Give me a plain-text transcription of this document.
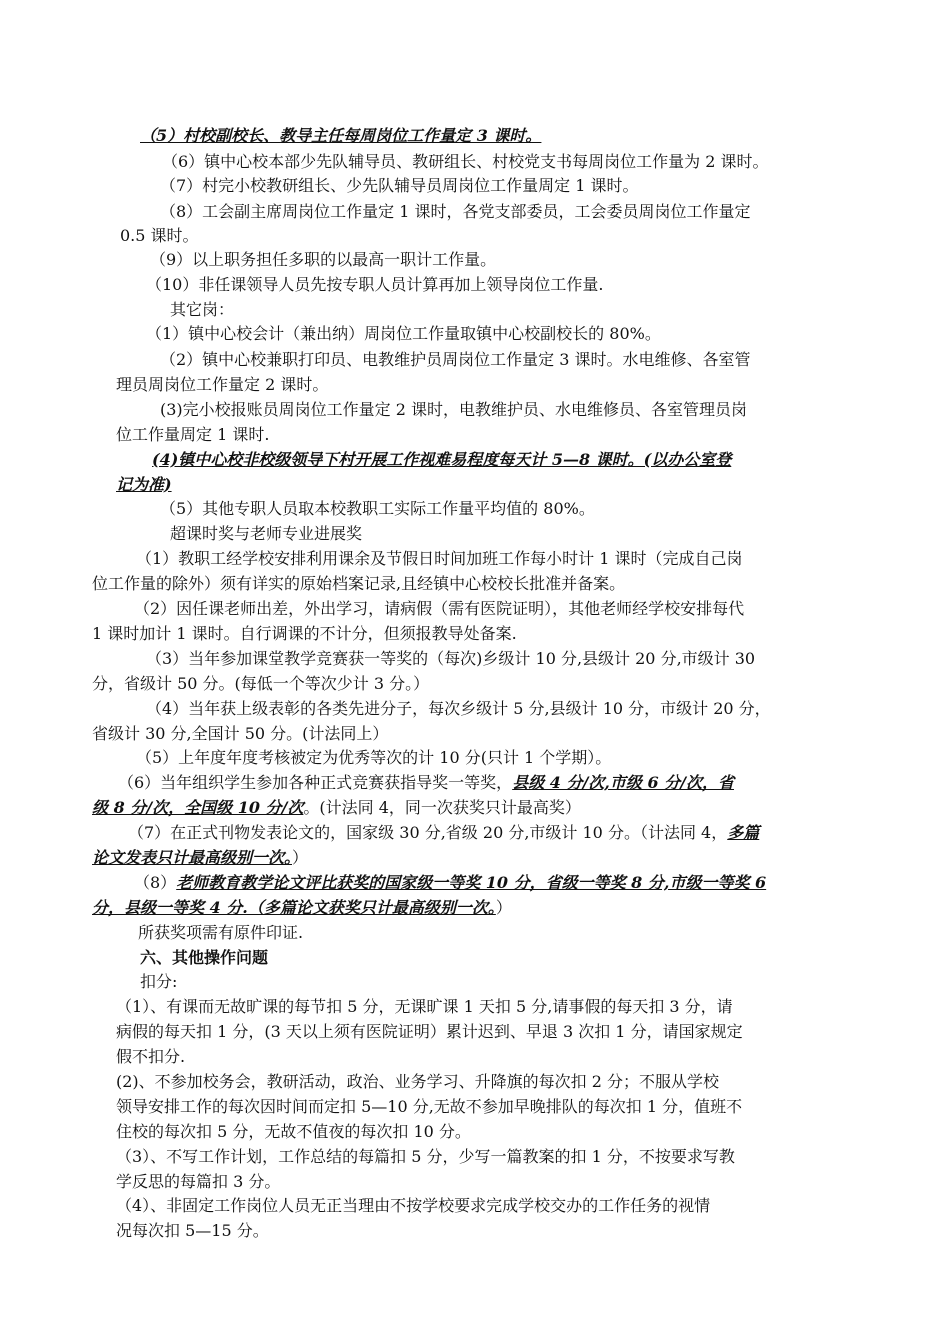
（5）村校副校长、教导主任每周岗位工作量定 3 课时。
（6）镇中心校本部少先队辅导员、教研组长、村校党支书每周岗位工作量为 2 课时。
（7）村完小校教研组长、少先队辅导员周岗位工作量周定 1 课时。
（8）工会副主席周岗位工作量定 1 课时，各党支部委员，工会委员周岗位工作量定
0.5 课时。
（9）以上职务担任多职的以最高一职计工作量。
（10）非任课领导人员先按专职人员计算再加上领导岗位工作量.
其它岗：
（1）镇中心校会计（兼出纳）周岗位工作量取镇中心校副校长的 80%。
（2）镇中心校兼职打印员、电教维护员周岗位工作量定 3 课时。水电维修、各室管
理员周岗位工作量定 2 课时。
(3)完小校报账员周岗位工作量定 2 课时，电教维护员、水电维修员、各室管理员岗
位工作量周定 1 课时.
(4)镇中心校非校级领导下村开展工作视难易程度每天计 5—8 课时。(以办公室登
记为准)
（5）其他专职人员取本校教职工实际工作量平均值的 80%。
超课时奖与老师专业进展奖
（1）教职工经学校安排利用课余及节假日时间加班工作每小时计 1 课时（完成自己岗
位工作量的除外）须有详实的原始档案记录,且经镇中心校校长批准并备案。
（2）因任课老师出差，外出学习，请病假（需有医院证明），其他老师经学校安排每代
1 课时加计 1 课时。自行调课的不计分，但须报教导处备案.
（3）当年参加课堂教学竞赛获一等奖的（每次)乡级计 10 分,县级计 20 分,市级计 30
分，省级计 50 分。(每低一个等次少计 3 分。）
（4）当年获上级表彰的各类先进分子，每次乡级计 5 分,县级计 10 分，市级计 20 分，
省级计 30 分,全国计 50 分。(计法同上）
（5）上年度年度考核被定为优秀等次的计 10 分(只计 1 个学期）。
（6）当年组织学生参加各种正式竞赛获指导奖一等奖，县级 4 分/次,市级 6 分/次，省
级 8 分/次，全国级 10 分/次。(计法同 4，同一次获奖只计最高奖）
（7）在正式刊物发表论文的，国家级 30 分,省级 20 分,市级计 10 分。（计法同 4，多篇
论文发表只计最高级别一次。）
（8）老师教育教学论文评比获奖的国家级一等奖 10 分，省级一等奖 8 分,市级一等奖 6
分，县级一等奖 4 分.（多篇论文获奖只计最高级别一次。）
所获奖项需有原件印证.
六、其他操作问题
扣分:
（1）、有课而无故旷课的每节扣 5 分，无课旷课 1 天扣 5 分,请事假的每天扣 3 分，请
病假的每天扣 1 分，(3 天以上须有医院证明）累计迟到、早退 3 次扣 1 分，请国家规定
假不扣分.
(2)、不参加校务会，教研活动，政治、业务学习、升降旗的每次扣 2 分；不服从学校
领导安排工作的每次因时间而定扣 5—10 分,无故不参加早晚排队的每次扣 1 分，值班不
住校的每次扣 5 分，无故不值夜的每次扣 10 分。
（3）、不写工作计划，工作总结的每篇扣 5 分，少写一篇教案的扣 1 分，不按要求写教
学反思的每篇扣 3 分。
（4）、非固定工作岗位人员无正当理由不按学校要求完成学校交办的工作任务的视情
况每次扣 5—15 分。
